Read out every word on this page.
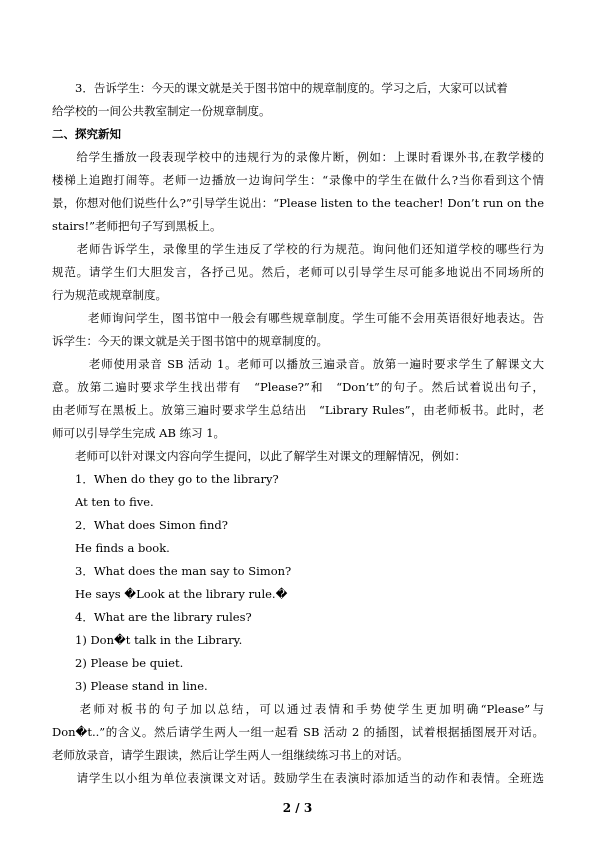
　　3．告诉学生：今天的课文就是关于图书馆中的规章制度的。学习之后，大家可以试着
给学校的一间公共教室制定一份规章制度。
二、探究新知
　　给学生播放一段表现学校中的违规行为的录像片断，例如：上课时看课外书,在教学楼的
楼梯上追跑打闹等。老师一边播放一边询问学生：“录像中的学生在做什么?当你看到这个情
景，你想对他们说些什么?”引导学生说出：“Please listen to the teacher! Don’t run on the
stairs!”老师把句子写到黑板上。
　　老师告诉学生，录像里的学生违反了学校的行为规范。询问他们还知道学校的哪些行为
规范。请学生们大胆发言，各抒己见。然后，老师可以引导学生尽可能多地说出不同场所的
行为规范或规章制度。
　　　老师询问学生，图书馆中一般会有哪些规章制度。学生可能不会用英语很好地表达。告
诉学生：今天的课文就是关于图书馆中的规章制度的。
　　　老师使用录音 SB 活动 1。老师可以播放三遍录音。放第一遍时要求学生了解课文大
意。放第二遍时要求学生找出带有　“Please?”和　“Don’t”的句子。然后试着说出句子，
由老师写在黑板上。放第三遍时要求学生总结出　“Library Rules”，由老师板书。此时，老
师可以引导学生完成 AB 练习 1。
　　老师可以针对课文内容向学生提问，以此了解学生对课文的理解情况，例如：
　　1．When do they go to the library?
　　At ten to five.
　　2．What does Simon find?
　　He finds a book.
　　3．What does the man say to Simon?
　　He says �Look at the library rule.�
　　4．What are the library rules?
　　1) Don�t talk in the Library.
　　2) Please be quiet.
　　3) Please stand in line.
　　老师对板书的句子加以总结，可以通过表情和手势使学生更加明确“Please”与
Don�t..”的含义。然后请学生两人一组一起看 SB 活动 2 的插图，试着根据插图展开对话。
老师放录音，请学生跟读，然后让学生两人一组继续练习书上的对话。
　　请学生以小组为单位表演课文对话。鼓励学生在表演时添加适当的动作和表情。全班选
2 / 3
